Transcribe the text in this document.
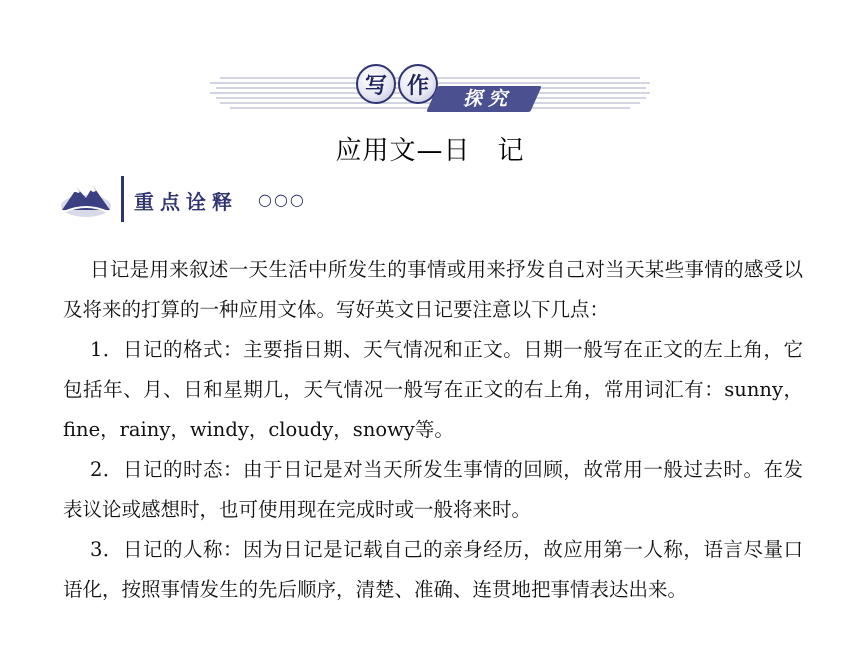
写 作
探究
应用文—日　记
重点诠释 ○○○

日记是用来叙述一天生活中所发生的事情或用来抒发自己对当天某些事情的感受以及将来的打算的一种应用文体。写好英文日记要注意以下几点：

1．日记的格式：主要指日期、天气情况和正文。日期一般写在正文的左上角，它包括年、月、日和星期几，天气情况一般写在正文的右上角，常用词汇有：sunny，fine，rainy，windy，cloudy，snowy等。

2．日记的时态：由于日记是对当天所发生事情的回顾，故常用一般过去时。在发表议论或感想时，也可使用现在完成时或一般将来时。

3．日记的人称：因为日记是记载自己的亲身经历，故应用第一人称，语言尽量口语化，按照事情发生的先后顺序，清楚、准确、连贯地把事情表达出来。
